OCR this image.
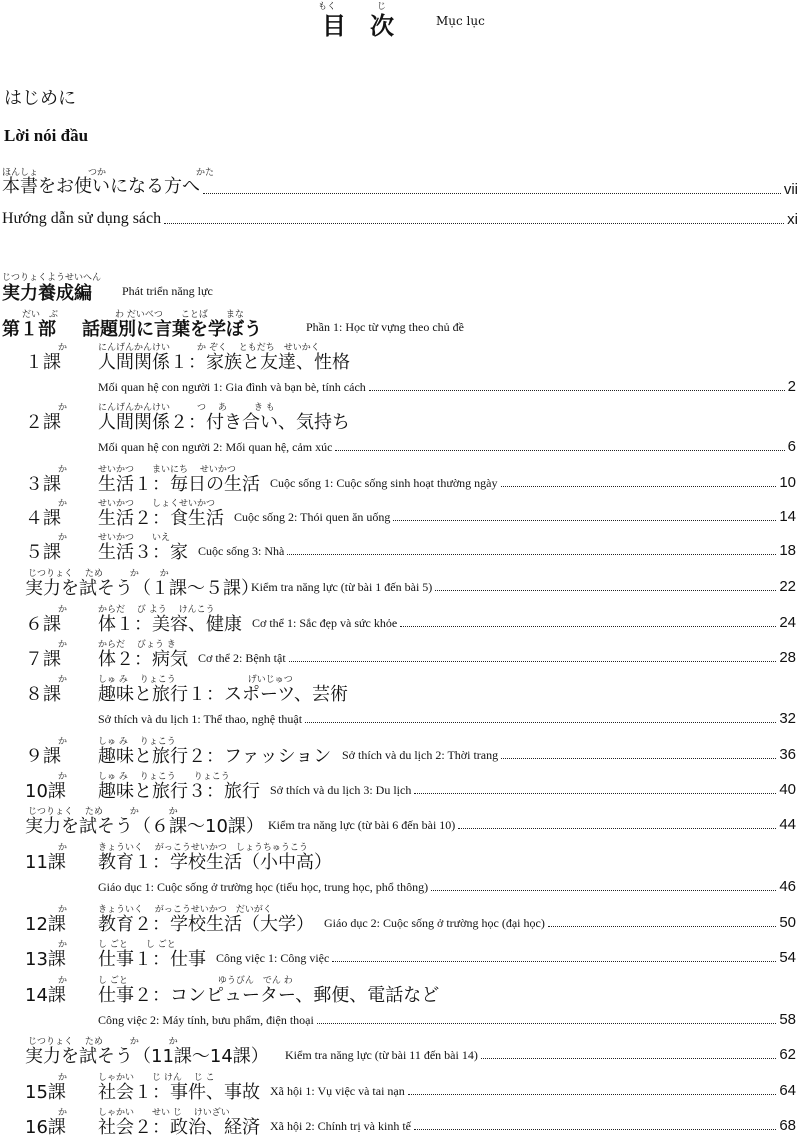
もく	じ
目　次	Mục lục
はじめに
Lời nói đầu
ほんしょ	つか	かた
本書をお使いになる方へ	vii
Hướng dẫn sử dụng sách	xi
じつりょくようせいへん
実力養成編	Phát triển năng lực
だい　ぶ	わ だいべつ　　ことば　　まな
第１部 話題別に言葉を学ぼう	Phần 1: Học từ vựng theo chủ đề
か
１課
にんげんかんけい　　　か ぞく　 ともだち　せいかく
人間関係１：家族と友達、性格
Mối quan hệ con người 1: Gia đình và bạn bè, tính cách	2
か
２課
にんげんかんけい　　　つ　 あ　　　き も
人間関係２：付き合い、気持ち
Mối quan hệ con người 2: Mối quan hệ, cảm xúc	6
か
３課
せいかつ　　まいにち　 せいかつ
生活１：毎日の生活 Cuộc sống 1: Cuộc sống sinh hoạt thường ngày	10
か
４課
せいかつ　　しょくせいかつ
生活２：食生活 Cuộc sống 2: Thói quen ăn uống	14
か
５課
せいかつ　　いえ
生活３：家 Cuộc sống 3: Nhà	18
じつりょく　 ため　　　か　　 か
実力を試そう（１課〜５課）
Kiểm tra năng lực (từ bài 1 đến bài 5)	22
か
６課
からだ　 び よう　 けんこう
体１：美容、健康 Cơ thể 1: Sắc đẹp và sức khỏe	24
か
７課
からだ　 びょう き
体２：病気 Cơ thể 2: Bệnh tật	28
か
８課
しゅ み　 りょこう　　　　　　　　げいじゅつ
趣味と旅行１：スポーツ、芸術
Sở thích và du lịch 1: Thể thao, nghệ thuật	32
か
９課
しゅ み　 りょこう
趣味と旅行２：ファッション Sở thích và du lịch 2: Thời trang	36
か
10課
しゅ み　 りょこう　　りょこう
趣味と旅行３：旅行 Sở thích và du lịch 3: Du lịch	40
じつりょく　 ため　　　か　　　 か
実力を試そう（６課〜10課） Kiểm tra năng lực (từ bài 6 đến bài 10)	44
か
11課
きょういく　 がっこうせいかつ　しょうちゅうこう
教育１：学校生活（小中高）
Giáo dục 1: Cuộc sống ở trường học (tiểu học, trung học, phổ thông)	46
か
12課
きょういく　 がっこうせいかつ　だいがく
教育２：学校生活（大学） Giáo dục 2: Cuộc sống ở trường học (đại học)	50
か
13課
し ごと　　し ごと
仕事１：仕事 Công việc 1: Công việc	54
か
14課
し ごと　　　　　　　　　　ゆうびん　でん わ
仕事２：コンピューター、郵便、電話など
Công việc 2: Máy tính, bưu phẩm, điện thoại	58
じつりょく　 ため　　　か　　　 か
実力を試そう（11課〜14課） Kiểm tra năng lực (từ bài 11 đến bài 14)	62
か
15課
しゃかい　　じ けん　 じ こ
社会１：事件、事故 Xã hội 1: Vụ việc và tai nạn	64
か
16課
しゃかい　　せい じ　 けいざい
社会２：政治、経済 Xã hội 2: Chính trị và kinh tế	68
